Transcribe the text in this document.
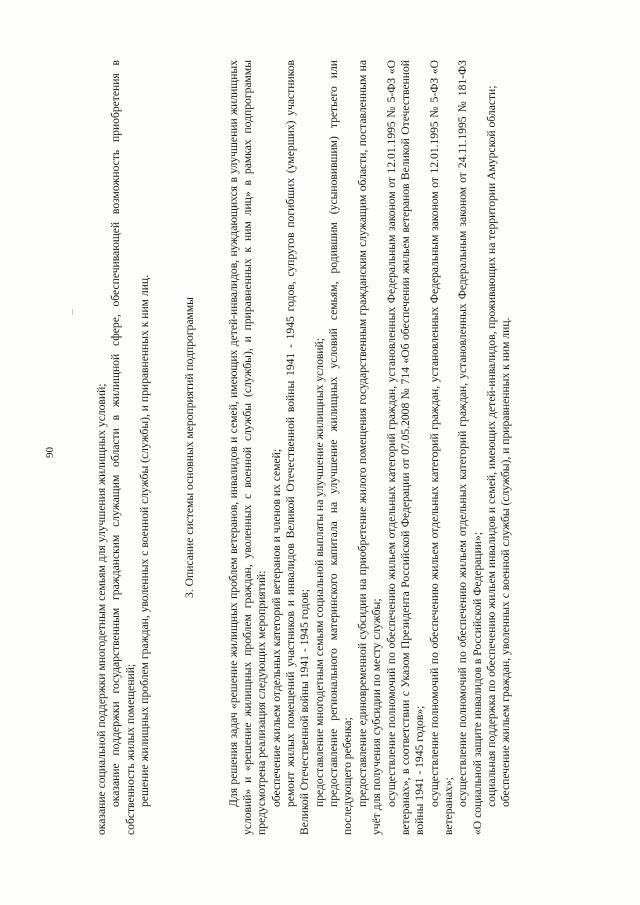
90	оказание социальной поддержки многодетным семьям для улучшения жилищных условий; оказание поддержки государственным гражданским служащим области в жилищной сфере, обеспечивающей возможность приобретения в собственность жилых помещений; решение жилищных проблем граждан, уволенных с военной службы (службы), и приравненных к ним лиц.	3. Описание системы основных мероприятий подпрограммы	Для решения задач «решение жилищных проблем ветеранов, инвалидов и семей, имеющих детей-инвалидов, нуждающихся в улучшении жилищных условий» и «решение жилищных проблем граждан, уволенных с военной службы (службы), и приравненных к ним лиц» в рамках подпрограммы предусмотрена реализация следующих мероприятий: обеспечение жильем отдельных категорий ветеранов и членов их семей; ремонт жилых помещений участников и инвалидов Великой Отечественной войны 1941 - 1945 годов, супругов погибших (умерших) участников Великой Отечественной войны 1941 - 1945 годов; предоставление многодетным семьям социальной выплаты на улучшение жилищных условий; предоставление регионального материнского капитала на улучшение жилищных условий семьям, родившим (усыновившим) третьего или последующего ребенка; предоставление единовременной субсидии на приобретение жилого помещения государственным гражданским служащим области, поставленным на учёт для получения субсидии по месту службы; осуществление полномочий по обеспечению жильем отдельных категорий граждан, установленных Федеральным законом от 12.01.1995 № 5-ФЗ «О ветеранах», в соответствии с Указом Президента Российской Федерации от 07.05.2008 № 714 «Об обеспечении жильем ветеранов Великой Отечественной войны 1941 - 1945 годов»; осуществление полномочий по обеспечению жильем отдельных категорий граждан, установленных Федеральным законом от 12.01.1995 № 5-ФЗ «О ветеранах»; осуществление полномочий по обеспечению жильем отдельных категорий граждан, установленных Федеральным законом от 24.11.1995 № 181-ФЗ «О социальной защите инвалидов в Российской Федерации»; социальная поддержка по обеспечению жильем инвалидов и семей, имеющих детей-инвалидов, проживающих на территории Амурской области; обеспечение жильем граждан, уволенных с военной службы (службы), и приравненных к ним лиц.
